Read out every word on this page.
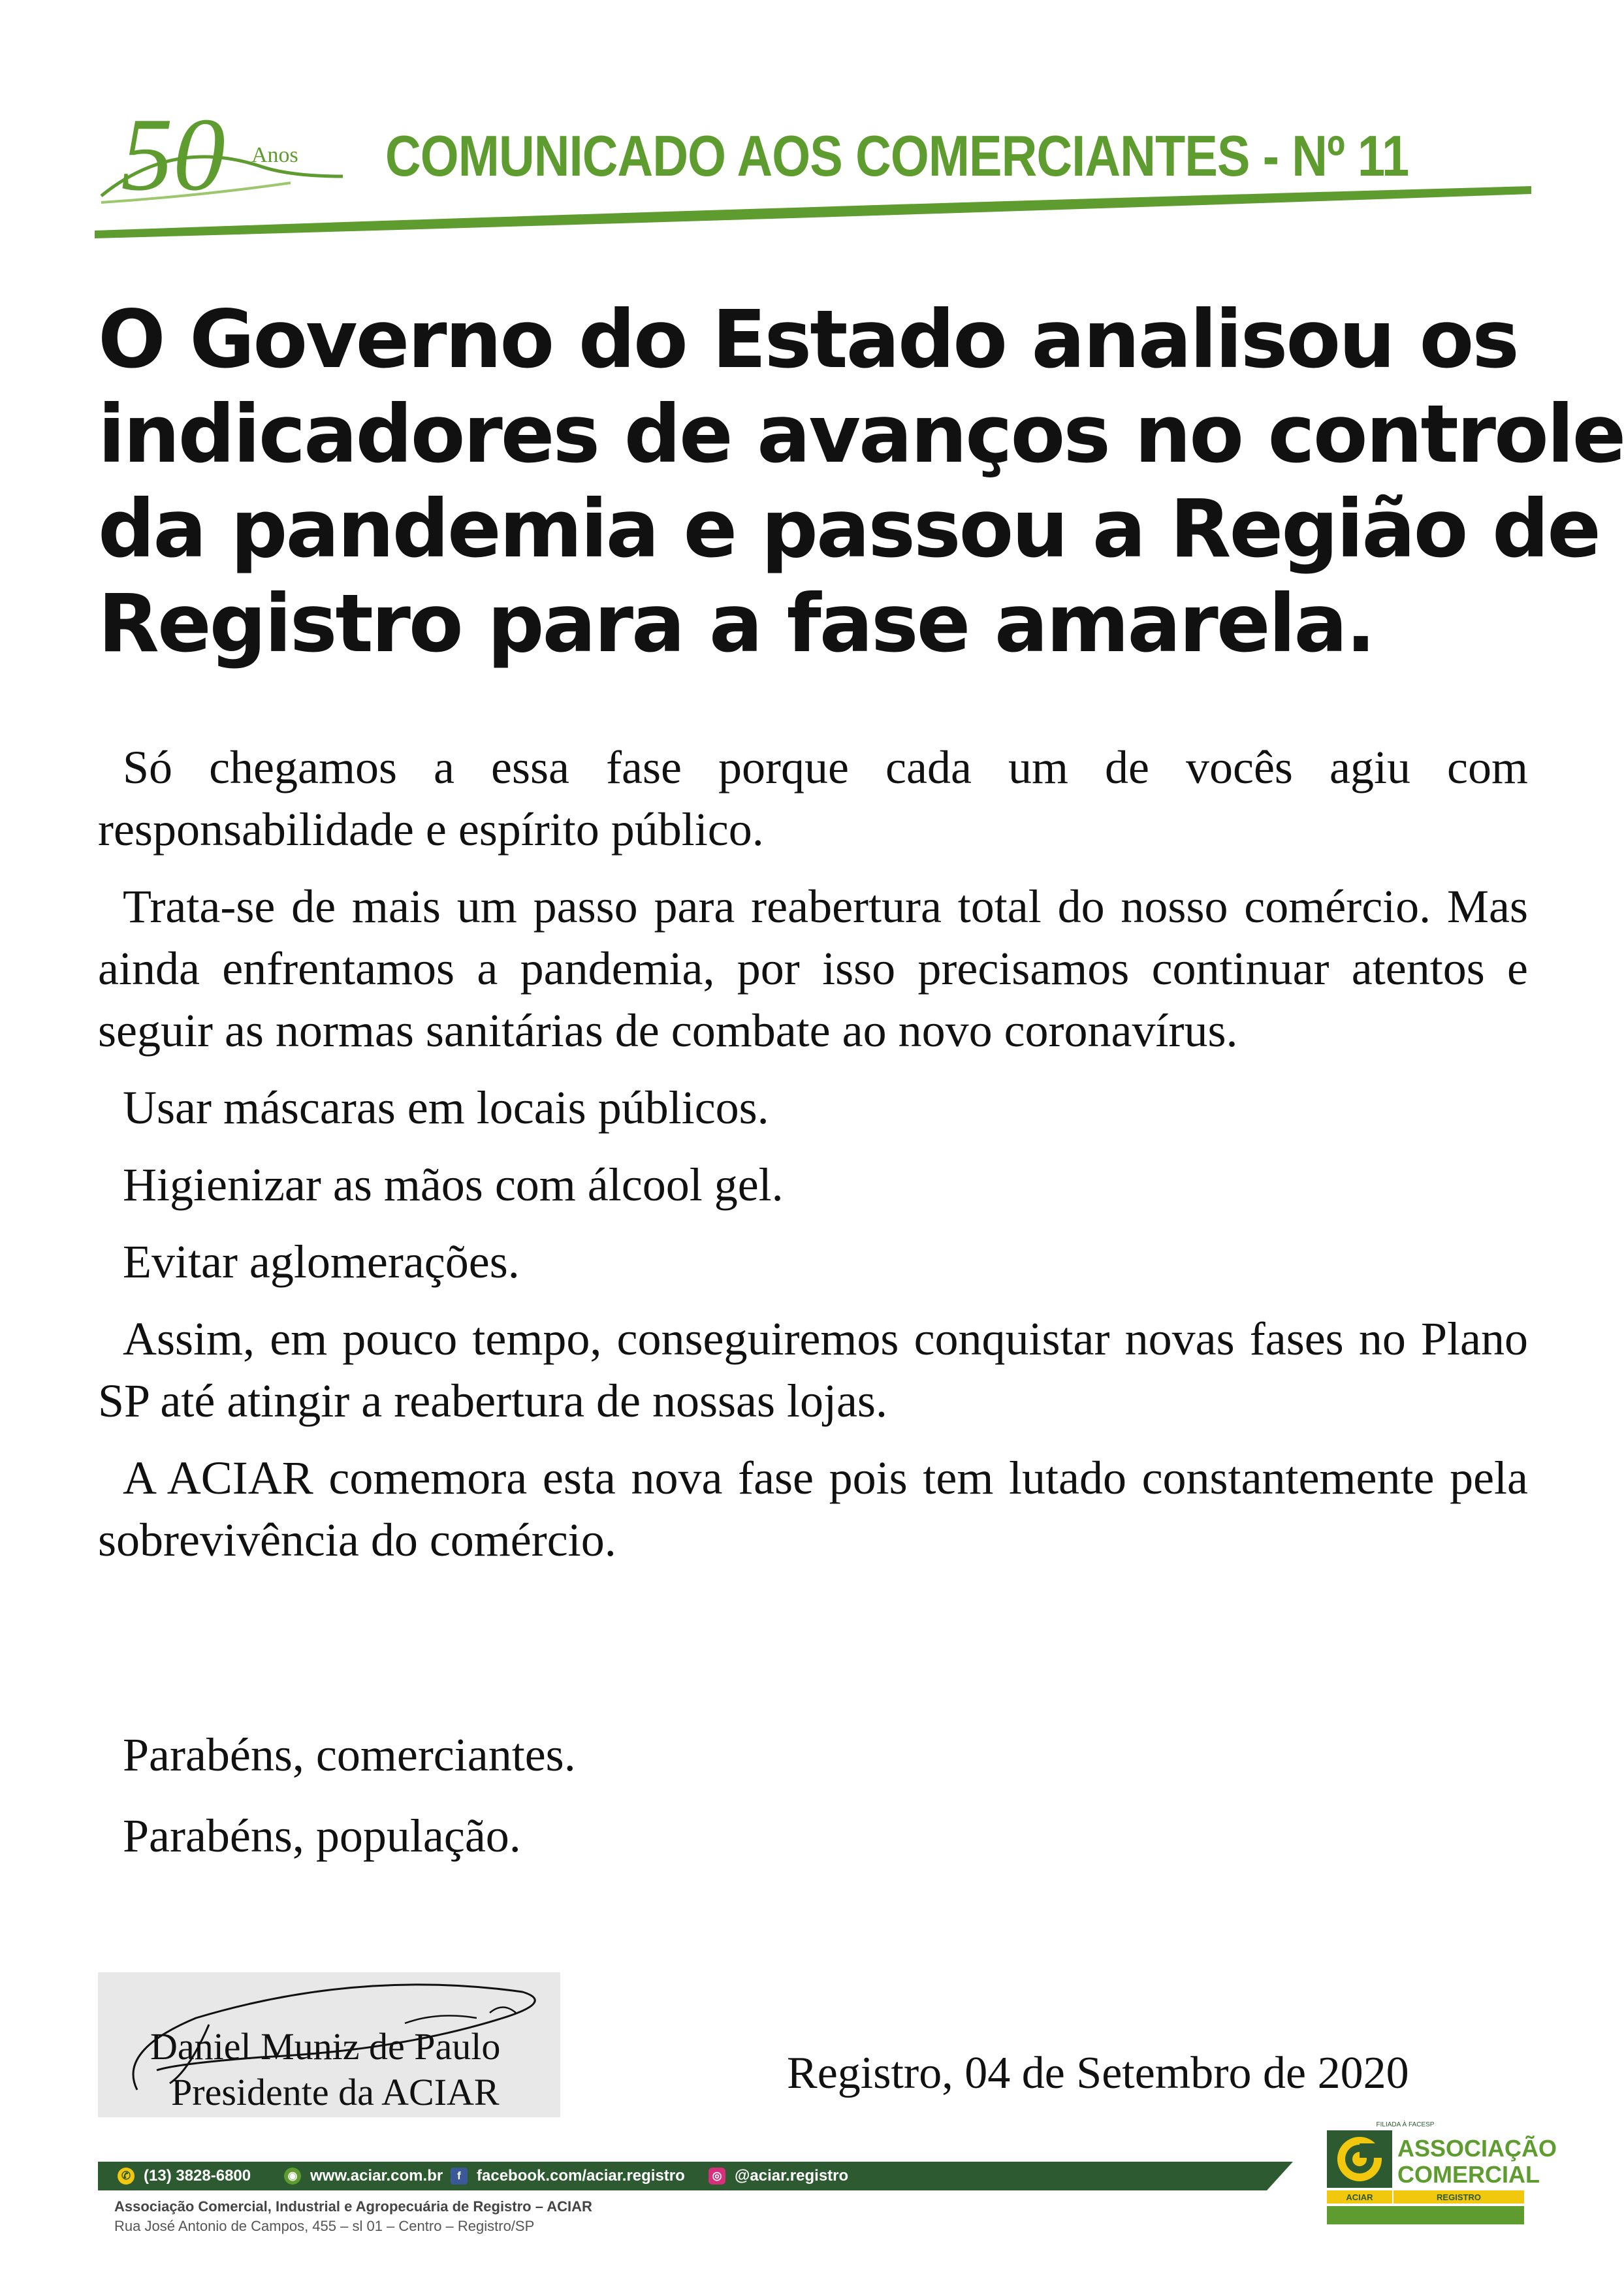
50 Anos COMUNICADO AOS COMERCIANTES - Nº 11
O Governo do Estado analisou os
indicadores de avanços no controle
da pandemia e passou a Região de
Registro para a fase amarela.

Só chegamos a essa fase porque cada um de vocês agiu com responsabilidade e espírito público.

Trata-se de mais um passo para reabertura total do nosso comércio. Mas ainda enfrentamos a pandemia, por isso precisamos continuar atentos e seguir as normas sanitárias de combate ao novo coronavírus.

Usar máscaras em locais públicos.

Higienizar as mãos com álcool gel.

Evitar aglomerações.

Assim, em pouco tempo, conseguiremos conquistar novas fases no Plano SP até atingir a reabertura de nossas lojas.

A ACIAR comemora esta nova fase pois tem lutado constantemente pela sobrevivência do comércio.

Parabéns, comerciantes.

Parabéns, população.

Daniel Muniz de Paulo
Presidente da ACIAR	Registro, 04 de Setembro de 2020
✆ (13) 3828-6800	◉ www.aciar.com.br	f	facebook.com/aciar.registro	◎ @aciar.registro
Associação Comercial, Industrial e Agropecuária de Registro – ACIAR
Rua José Antonio de Campos, 455 – sl 01 – Centro – Registro/SP
FILIADA À FACESP
ASSOCIAÇÃO
COMERCIAL
ACIAR	REGISTRO
